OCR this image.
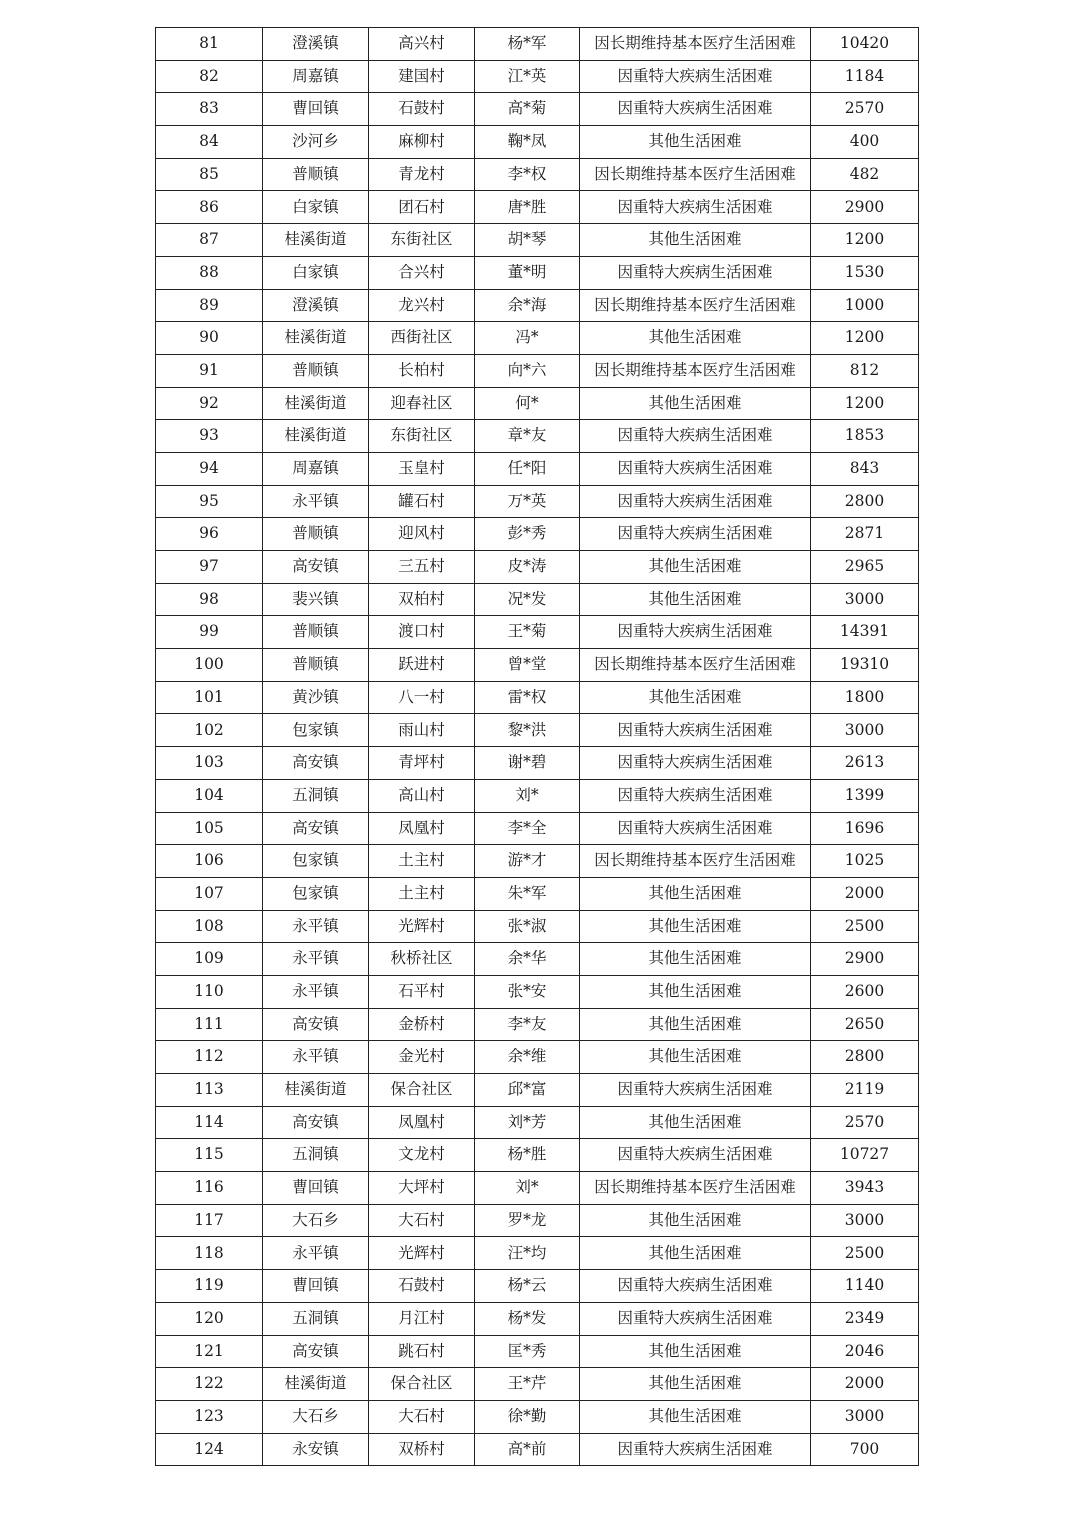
81	澄溪镇	高兴村	杨*军	因长期维持基本医疗生活困难	10420
82	周嘉镇	建国村	江*英	因重特大疾病生活困难	1184
83	曹回镇	石鼓村	高*菊	因重特大疾病生活困难	2570
84	沙河乡	麻柳村	鞠*凤	其他生活困难	400
85	普顺镇	青龙村	李*权	因长期维持基本医疗生活困难	482
86	白家镇	团石村	唐*胜	因重特大疾病生活困难	2900
87	桂溪街道	东街社区	胡*琴	其他生活困难	1200
88	白家镇	合兴村	董*明	因重特大疾病生活困难	1530
89	澄溪镇	龙兴村	余*海	因长期维持基本医疗生活困难	1000
90	桂溪街道	西街社区	冯*	其他生活困难	1200
91	普顺镇	长柏村	向*六	因长期维持基本医疗生活困难	812
92	桂溪街道	迎春社区	何*	其他生活困难	1200
93	桂溪街道	东街社区	章*友	因重特大疾病生活困难	1853
94	周嘉镇	玉皇村	任*阳	因重特大疾病生活困难	843
95	永平镇	罐石村	万*英	因重特大疾病生活困难	2800
96	普顺镇	迎风村	彭*秀	因重特大疾病生活困难	2871
97	高安镇	三五村	皮*涛	其他生活困难	2965
98	裴兴镇	双柏村	况*发	其他生活困难	3000
99	普顺镇	渡口村	王*菊	因重特大疾病生活困难	14391
100	普顺镇	跃进村	曾*堂	因长期维持基本医疗生活困难	19310
101	黄沙镇	八一村	雷*权	其他生活困难	1800
102	包家镇	雨山村	黎*洪	因重特大疾病生活困难	3000
103	高安镇	青坪村	谢*碧	因重特大疾病生活困难	2613
104	五洞镇	高山村	刘*	因重特大疾病生活困难	1399
105	高安镇	凤凰村	李*全	因重特大疾病生活困难	1696
106	包家镇	土主村	游*才	因长期维持基本医疗生活困难	1025
107	包家镇	土主村	朱*军	其他生活困难	2000
108	永平镇	光辉村	张*淑	其他生活困难	2500
109	永平镇	秋桥社区	余*华	其他生活困难	2900
110	永平镇	石平村	张*安	其他生活困难	2600
111	高安镇	金桥村	李*友	其他生活困难	2650
112	永平镇	金光村	余*维	其他生活困难	2800
113	桂溪街道	保合社区	邱*富	因重特大疾病生活困难	2119
114	高安镇	凤凰村	刘*芳	其他生活困难	2570
115	五洞镇	文龙村	杨*胜	因重特大疾病生活困难	10727
116	曹回镇	大坪村	刘*	因长期维持基本医疗生活困难	3943
117	大石乡	大石村	罗*龙	其他生活困难	3000
118	永平镇	光辉村	汪*均	其他生活困难	2500
119	曹回镇	石鼓村	杨*云	因重特大疾病生活困难	1140
120	五洞镇	月江村	杨*发	因重特大疾病生活困难	2349
121	高安镇	跳石村	匡*秀	其他生活困难	2046
122	桂溪街道	保合社区	王*芹	其他生活困难	2000
123	大石乡	大石村	徐*勤	其他生活困难	3000
124	永安镇	双桥村	高*前	因重特大疾病生活困难	700
